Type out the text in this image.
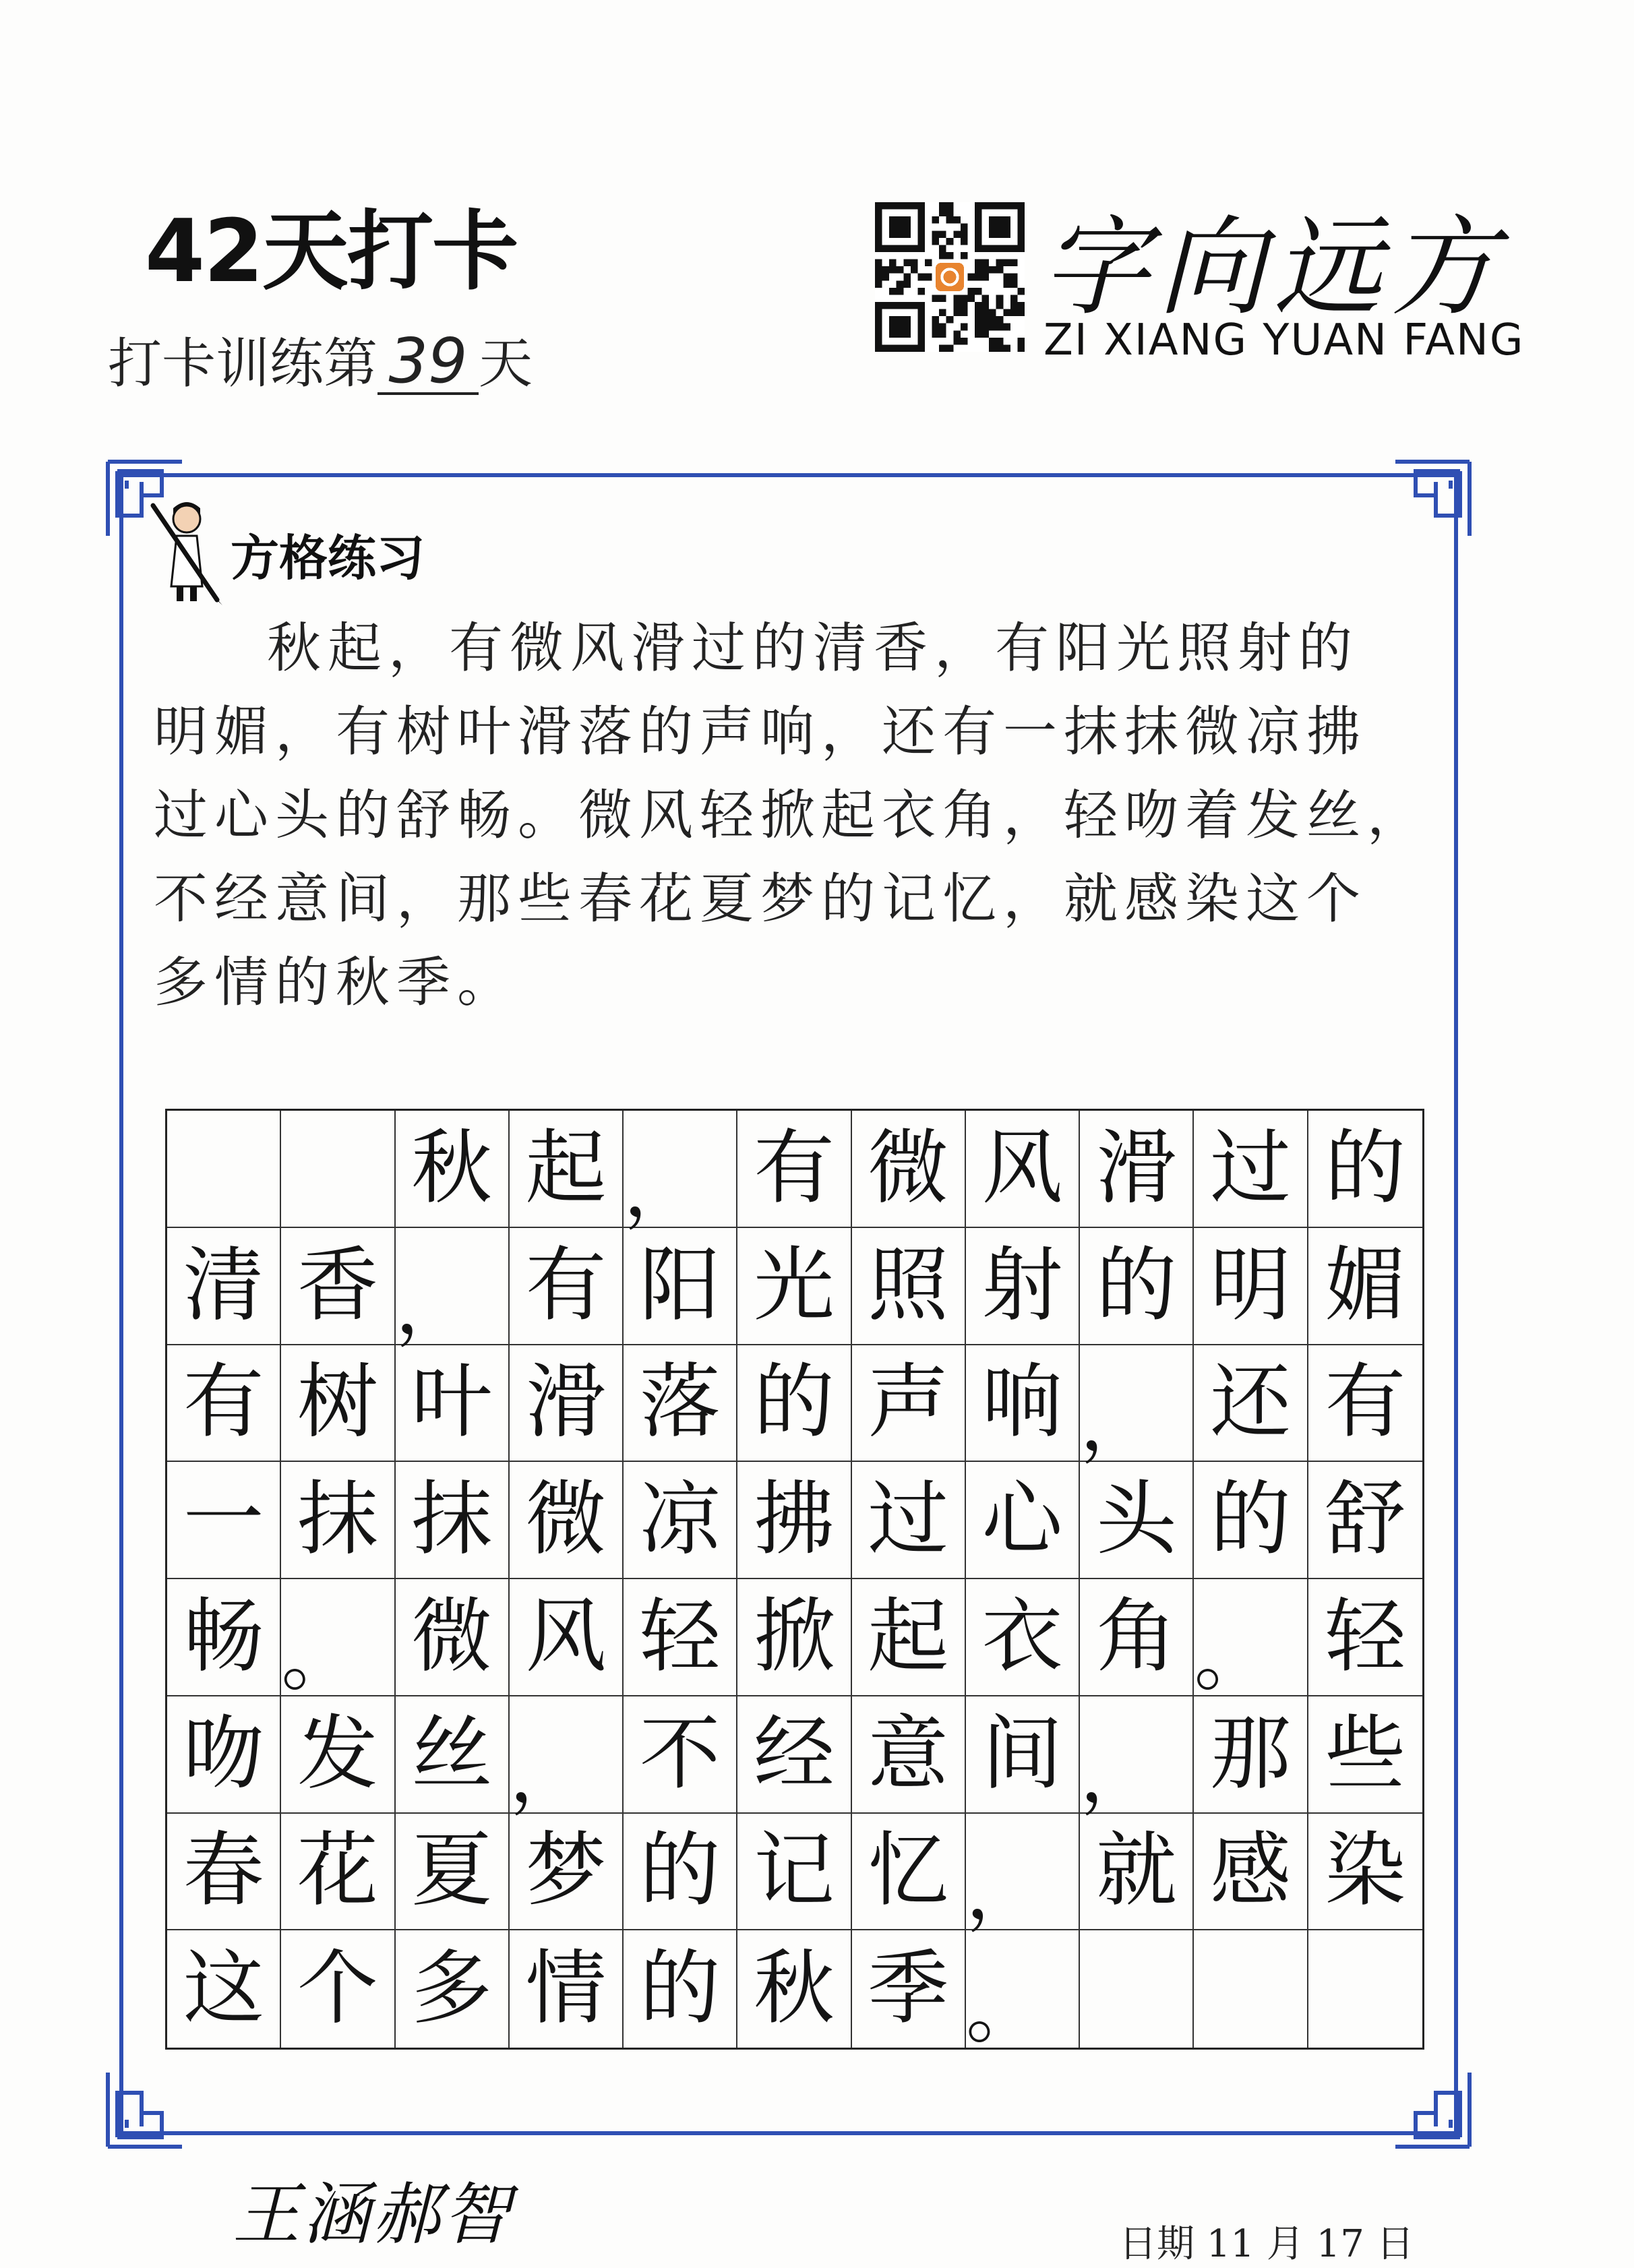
42天打卡
打卡训练第 39 天
字向远方
ZI XIANG YUAN FANG
方格练习
秋起，有微风滑过的清香，有阳光照射的
明媚，有树叶滑落的声响，还有一抹抹微凉拂
过心头的舒畅。微风轻掀起衣角，轻吻着发丝，
不经意间，那些春花夏梦的记忆，就感染这个
多情的秋季。
秋 起 ， 有 微 风 滑 过 的
清 香 ， 有 阳 光 照 射 的 明 媚
有 树 叶 滑 落 的 声 响 ， 还 有
一 抹 抹 微 凉 拂 过 心 头 的 舒
畅 。 微 风 轻 掀 起 衣 角 。 轻
吻 发 丝 ， 不 经 意 间 ， 那 些
春 花 夏 梦 的 记 忆 ， 就 感 染
这 个 多 情 的 秋 季 。
王涵郝智	日期 11 月 17 日
